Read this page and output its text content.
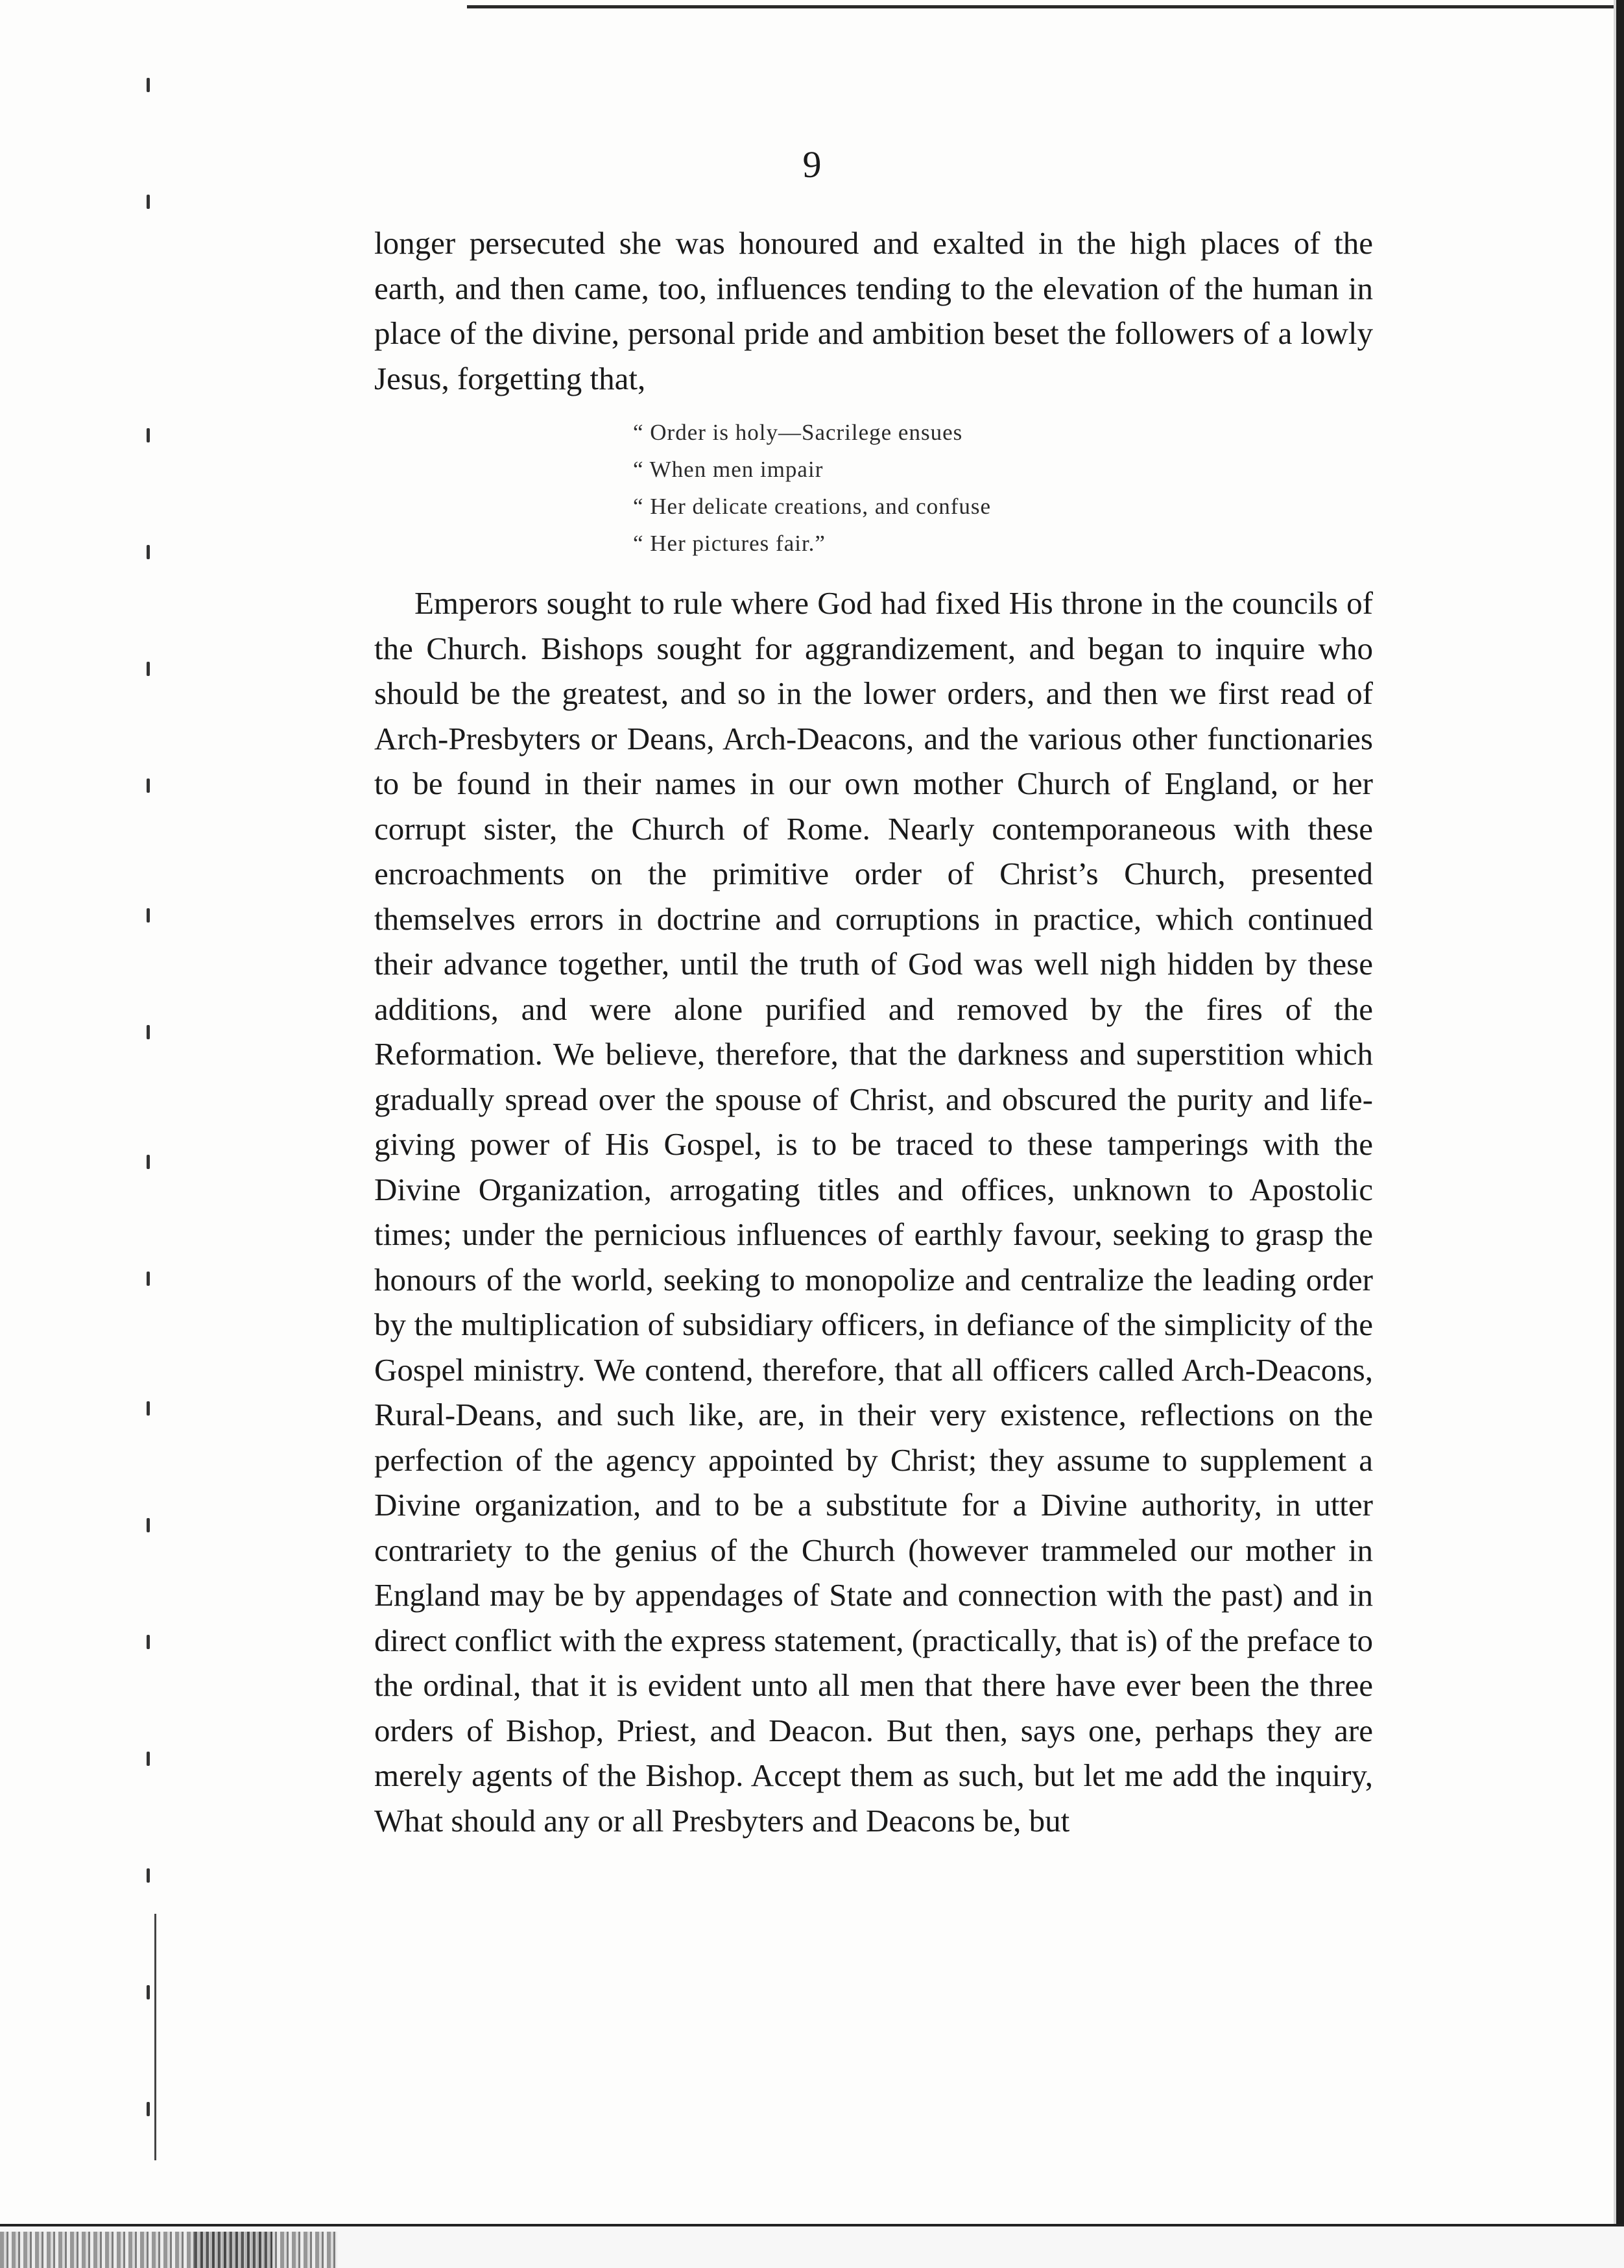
9

longer persecuted she was honoured and exalted in the high places of the earth, and then came, too, influences tending to the elevation of the human in place of the divine, personal pride and ambition beset the followers of a lowly Jesus, forgetting that,

“ Order is holy—Sacrilege ensues
“ When men impair
“ Her delicate creations, and confuse
“ Her pictures fair.”

Emperors sought to rule where God had fixed His throne in the councils of the Church. Bishops sought for aggrandizement, and began to inquire who should be the greatest, and so in the lower orders, and then we first read of Arch-Presbyters or Deans, Arch-Deacons, and the various other functionaries to be found in their names in our own mother Church of England, or her corrupt sister, the Church of Rome. Nearly contemporaneous with these encroachments on the primitive order of Christ’s Church, presented themselves errors in doctrine and corruptions in practice, which continued their advance together, until the truth of God was well nigh hidden by these additions, and were alone purified and removed by the fires of the Reformation. We believe, therefore, that the darkness and superstition which gradually spread over the spouse of Christ, and obscured the purity and life-giving power of His Gospel, is to be traced to these tamperings with the Divine Organization, arrogating titles and offices, unknown to Apostolic times; under the pernicious influences of earthly favour, seeking to grasp the honours of the world, seeking to monopolize and centralize the leading order by the multiplication of subsidiary officers, in defiance of the simplicity of the Gospel ministry. We contend, therefore, that all officers called Arch-Deacons, Rural-Deans, and such like, are, in their very existence, reflections on the perfection of the agency appointed by Christ; they assume to supplement a Divine organization, and to be a substitute for a Divine authority, in utter contrariety to the genius of the Church (however trammeled our mother in England may be by appendages of State and connection with the past) and in direct conflict with the express statement, (practically, that is) of the preface to the ordinal, that it is evident unto all men that there have ever been the three orders of Bishop, Priest, and Deacon. But then, says one, perhaps they are merely agents of the Bishop. Accept them as such, but let me add the inquiry, What should any or all Presbyters and Deacons be, but
